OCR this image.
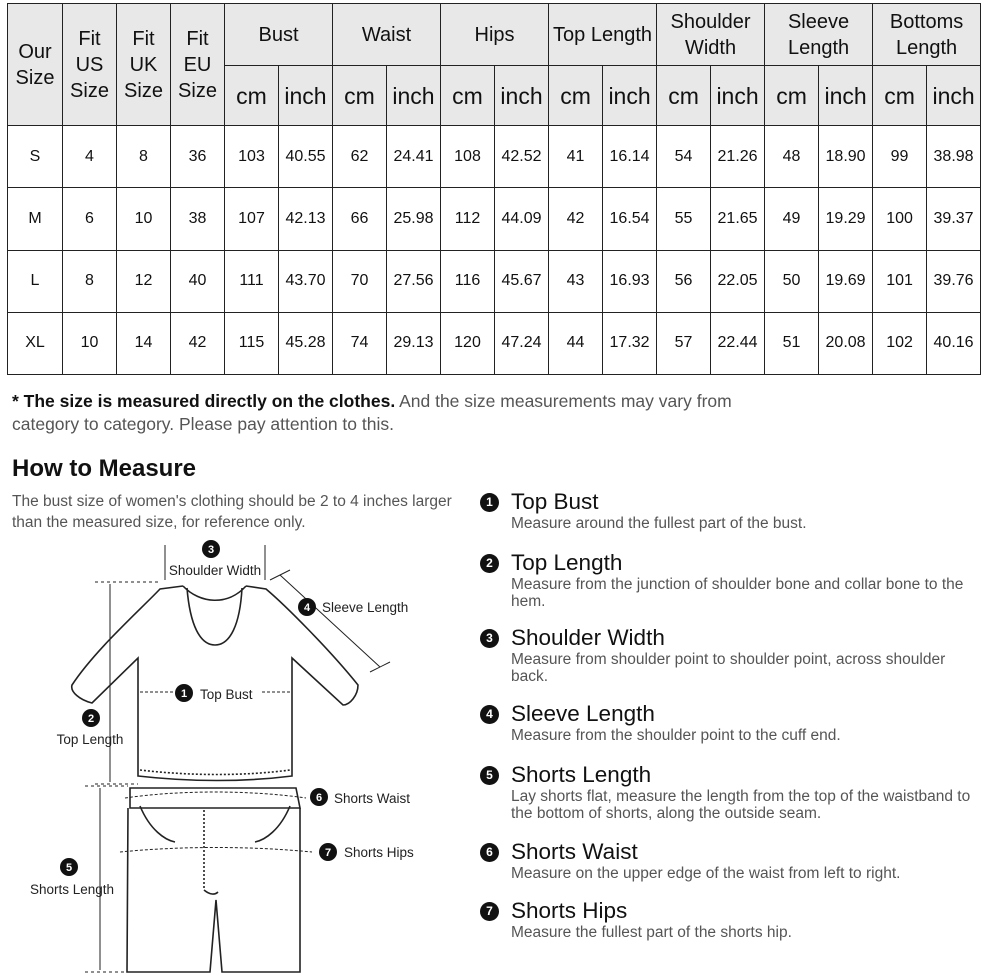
Our Size	Fit US Size	Fit UK Size	Fit EU Size	Bust		Waist		Hips		Top Length		Shoulder Width		Sleeve Length		Bottoms Length	
				cm	inch	cm	inch	cm	inch	cm	inch	cm	inch	cm	inch	cm	inch
S	4	8	36	103	40.55	62	24.41	108	42.52	41	16.14	54	21.26	48	18.90	99	38.98
M	6	10	38	107	42.13	66	25.98	112	44.09	42	16.54	55	21.65	49	19.29	100	39.37
L	8	12	40	111	43.70	70	27.56	116	45.67	43	16.93	56	22.05	50	19.69	101	39.76
XL	10	14	42	115	45.28	74	29.13	120	47.24	44	17.32	57	22.44	51	20.08	102	40.16
* The size is measured directly on the clothes. And the size measurements may vary from category to category. Please pay attention to this.
How to Measure
The bust size of women's clothing should be 2 to 4 inches larger than the measured size, for reference only.
3
Shoulder Width
4 Sleeve Length
1 Top Bust
2
Top Length
6 Shorts Waist
7 Shorts Hips
5
Shorts Length
1 Top Bust
Measure around the fullest part of the bust.
2 Top Length
Measure from the junction of shoulder bone and collar bone to the hem.
3 Shoulder Width
Measure from shoulder point to shoulder point, across shoulder back.
4 Sleeve Length
Measure from the shoulder point to the cuff end.
5 Shorts Length
Lay shorts flat, measure the length from the top of the waistband to the bottom of shorts, along the outside seam.
6 Shorts Waist
Measure on the upper edge of the waist from left to right.
7 Shorts Hips
Measure the fullest part of the shorts hip.
